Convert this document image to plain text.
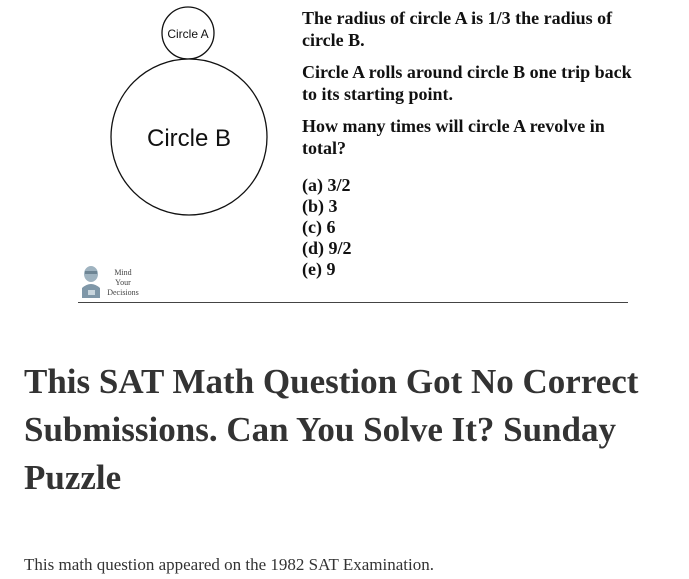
Circle A
Circle B

The radius of circle A is 1/3 the radius of circle B.

Circle A rolls around circle B one trip back to its starting point.

How many times will circle A revolve in total?

(a) 3/2
(b) 3
(c) 6
(d) 9/2
(e) 9
Mind
Your
Decisions
This SAT Math Question Got No Correct Submissions. Can You Solve It? Sunday Puzzle

This math question appeared on the 1982 SAT Examination.
